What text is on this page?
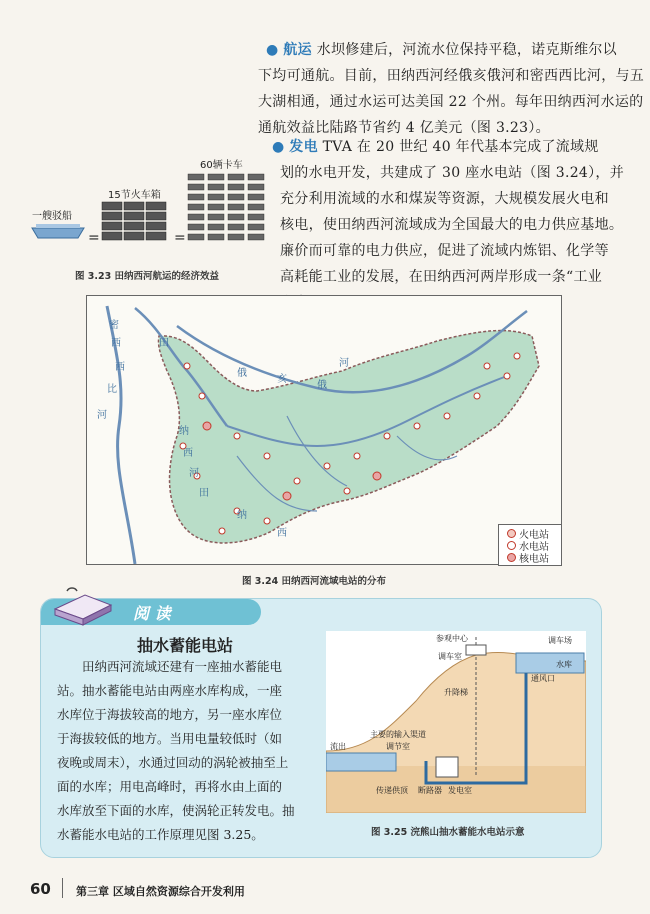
● 航运 水坝修建后，河流水位保持平稳，诺克斯维尔以
下均可通航。目前，田纳西河经俄亥俄河和密西西比河，与五
大湖相通，通过水运可达美国 22 个州。每年田纳西河水运的
通航效益比陆路节省约 4 亿美元（图 3.23）。
● 发电 TVA 在 20 世纪 40 年代基本完成了流域规
划的水电开发，共建成了 30 座水电站（图 3.24），并
充分利用流域的水和煤炭等资源，大规模发展火电和
核电，使田纳西河流域成为全国最大的电力供应基地。
廉价而可靠的电力供应，促进了流域内炼铝、化学等
高耗能工业的发展，在田纳西河两岸形成一条“工业
一艘驳船
=
15节火车箱
=
60辆卡车
图 3.23 田纳西河航运的经济效益
密
西
西
比
河
俄
亥
俄
河
田
纳
西
河
田
纳
西	火电站
水电站
核电站
图 3.24 田纳西河流域电站的分布
阅 读
抽水蓄能电站
田纳西河流域还建有一座抽水蓄能电
站。抽水蓄能电站由两座水库构成，一座
水库位于海拔较高的地方，另一座水库位
于海拔较低的地方。当用电量较低时（如
夜晚或周末），水通过回动的涡轮被抽至上
面的水库；用电高峰时，再将水由上面的
水库放至下面的水库，使涡轮正转发电。抽
水蓄能水电站的工作原理见图 3.25。
参观中心
调车室
调车场
水库
通风口
升降梯
主要的输入渠道
调节室
流出
传递供顶 断路器 发电室
图 3.25 浣熊山抽水蓄能水电站示意
60 第三章 区域自然资源综合开发利用
